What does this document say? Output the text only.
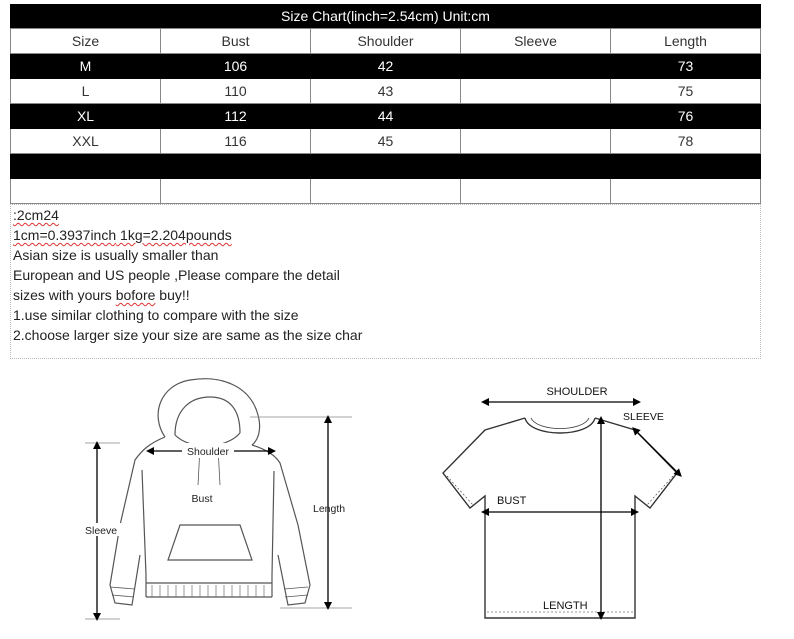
Size Chart(linch=2.54cm) Unit:cm
Size	Bust	Shoulder	Sleeve	Length
M	106	42		73
L	110	43		75
XL	112	44		76
XXL	116	45		78

:2cm24
1cm=0.3937inch 1kg=2.204pounds
Asian size is usually smaller than
European and US people ,Please compare the detail
sizes with yours bofore buy!!
1.use similar clothing to compare with the size
2.choose larger size your size are same as the size char
Shoulder
Bust
Length
Sleeve
SHOULDER
SLEEVE
BUST
LENGTH
